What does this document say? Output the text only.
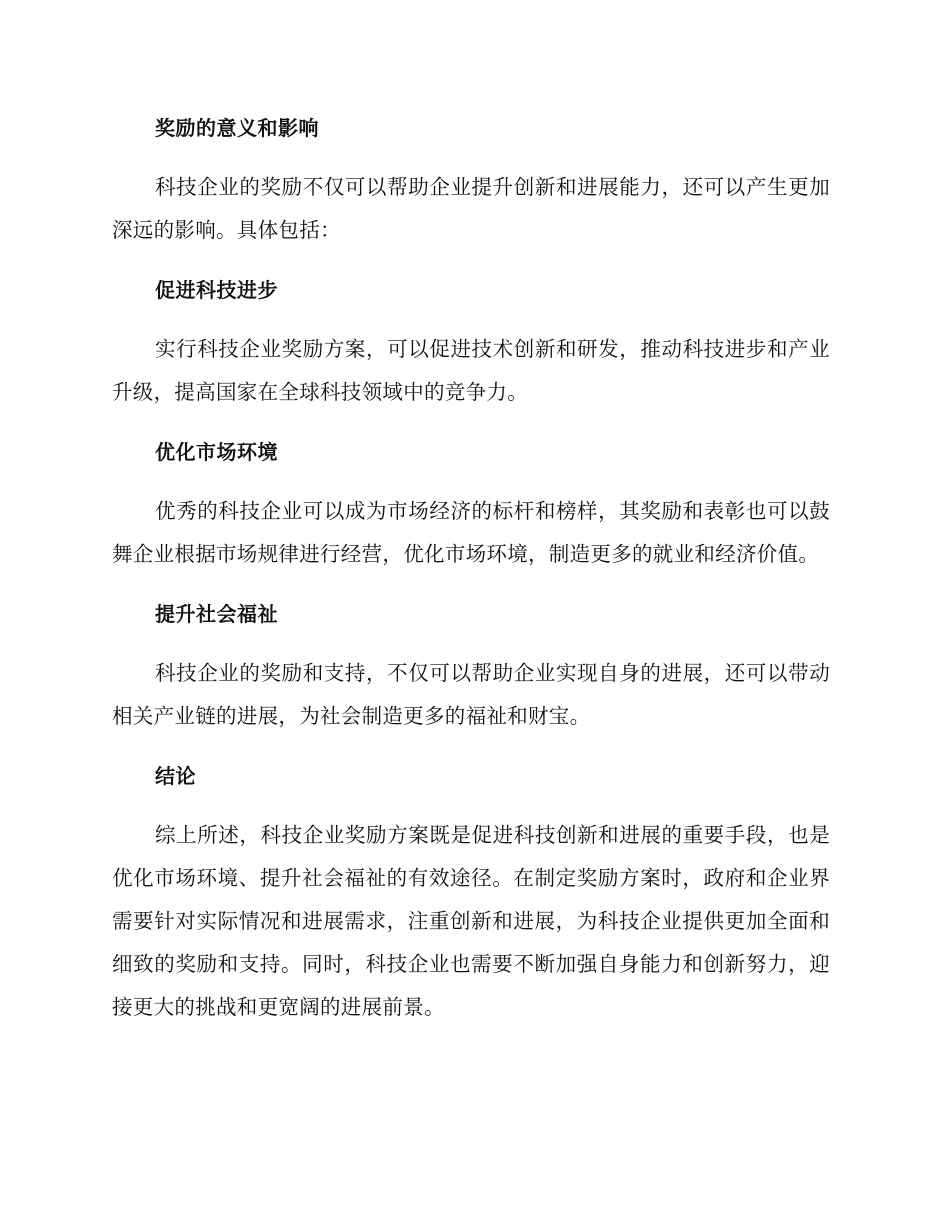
奖励的意义和影响

科技企业的奖励不仅可以帮助企业提升创新和进展能力，还可以产生更加深远的影响。具体包括：

促进科技进步

实行科技企业奖励方案，可以促进技术创新和研发，推动科技进步和产业升级，提高国家在全球科技领域中的竞争力。

优化市场环境

优秀的科技企业可以成为市场经济的标杆和榜样，其奖励和表彰也可以鼓舞企业根据市场规律进行经营，优化市场环境，制造更多的就业和经济价值。

提升社会福祉

科技企业的奖励和支持，不仅可以帮助企业实现自身的进展，还可以带动相关产业链的进展，为社会制造更多的福祉和财宝。

结论

综上所述，科技企业奖励方案既是促进科技创新和进展的重要手段，也是优化市场环境、提升社会福祉的有效途径。在制定奖励方案时，政府和企业界需要针对实际情况和进展需求，注重创新和进展，为科技企业提供更加全面和细致的奖励和支持。同时，科技企业也需要不断加强自身能力和创新努力，迎接更大的挑战和更宽阔的进展前景。
